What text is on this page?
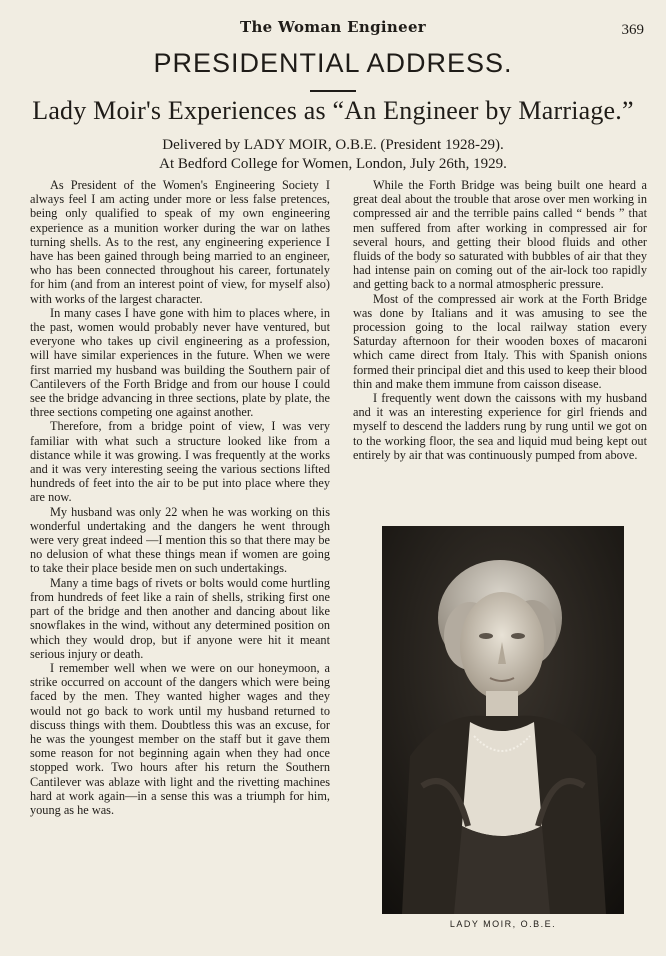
The Woman Engineer	369
PRESIDENTIAL ADDRESS.
Lady Moir's Experiences as “An Engineer by Marriage.”
Delivered by LADY MOIR, O.B.E. (President 1928-29).
At Bedford College for Women, London, July 26th, 1929.

As President of the Women's Engineering Society I always feel I am acting under more or less false pretences, being only qualified to speak of my own engineering experience as a munition worker during the war on lathes turning shells. As to the rest, any engineering experience I have has been gained through being married to an engineer, who has been connected throughout his career, fortunately for him (and from an interest point of view, for myself also) with works of the largest character.

In many cases I have gone with him to places where, in the past, women would probably never have ventured, but everyone who takes up civil engineering as a profession, will have similar experiences in the future. When we were first married my husband was building the Southern pair of Cantilevers of the Forth Bridge and from our house I could see the bridge advancing in three sections, plate by plate, the three sections competing one against another.

Therefore, from a bridge point of view, I was very familiar with what such a structure looked like from a distance while it was growing. I was frequently at the works and it was very interesting seeing the various sections lifted hundreds of feet into the air to be put into place where they are now.

My husband was only 22 when he was working on this wonderful undertaking and the dangers he went through were very great indeed —I mention this so that there may be no delusion of what these things mean if women are going to take their place beside men on such undertakings.

Many a time bags of rivets or bolts would come hurtling from hundreds of feet like a rain of shells, striking first one part of the bridge and then another and dancing about like snowflakes in the wind, without any determined position on which they would drop, but if anyone were hit it meant serious injury or death.

I remember well when we were on our honeymoon, a strike occurred on account of the dangers which were being faced by the men. They wanted higher wages and they would not go back to work until my husband returned to discuss things with them. Doubtless this was an excuse, for he was the youngest member on the staff but it gave them some reason for not beginning again when they had once stopped work. Two hours after his return the Southern Cantilever was ablaze with light and the rivetting machines hard at work again—in a sense this was a triumph for him, young as he was.

While the Forth Bridge was being built one heard a great deal about the trouble that arose over men working in compressed air and the terrible pains called “ bends ” that men suffered from after working in compressed air for several hours, and getting their blood fluids and other fluids of the body so saturated with bubbles of air that they had intense pain on coming out of the air-lock too rapidly and getting back to a normal atmospheric pressure.

Most of the compressed air work at the Forth Bridge was done by Italians and it was amusing to see the procession going to the local railway station every Saturday afternoon for their wooden boxes of macaroni which came direct from Italy. This with Spanish onions formed their principal diet and this used to keep their blood thin and make them immune from caisson disease.

I frequently went down the caissons with my husband and it was an interesting experience for girl friends and myself to descend the ladders rung by rung until we got on to the working floor, the sea and liquid mud being kept out entirely by air that was continuously pumped from above.

LADY MOIR, O.B.E.
